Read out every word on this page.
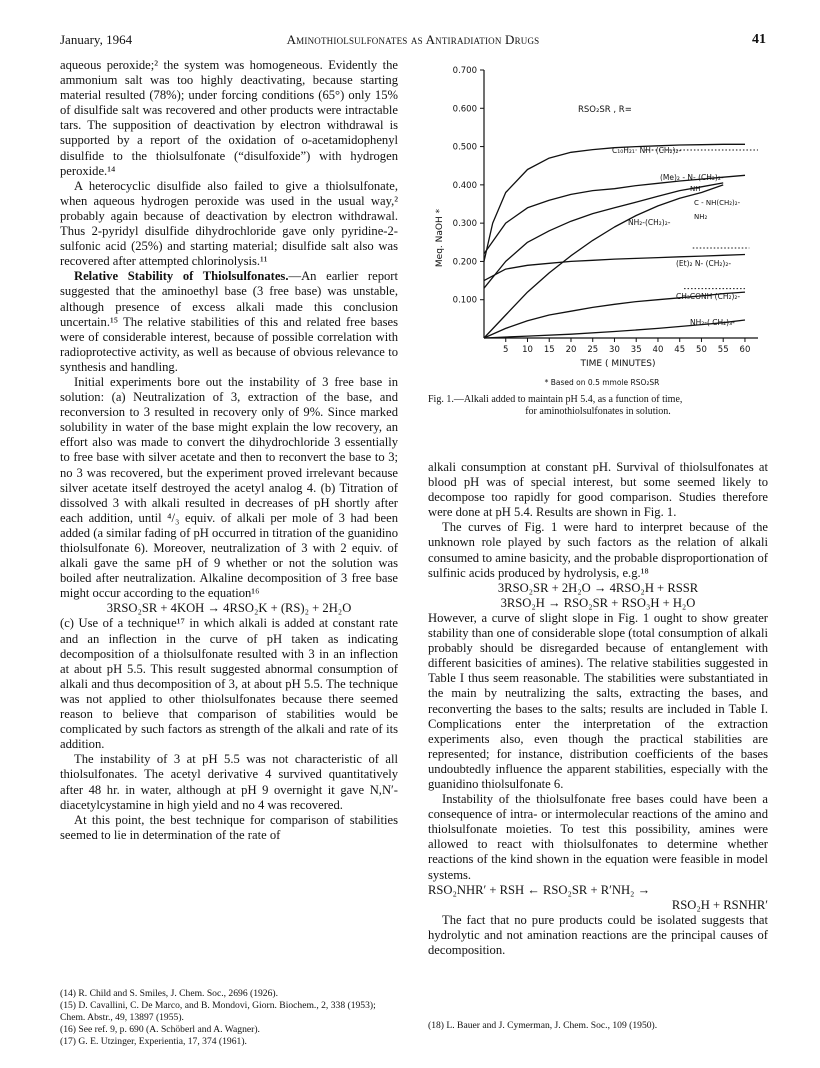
January, 1964	Aminothiolsulfonates as Antiradiation Drugs	41

aqueous peroxide;² the system was homogeneous. Evidently the ammonium salt was too highly deactivating, because starting material resulted (78%); under forcing conditions (65°) only 15% of disulfide salt was recovered and other products were intractable tars. The supposition of deactivation by electron withdrawal is supported by a report of the oxidation of o-acetamidophenyl disulfide to the thiolsulfonate (“disulfoxide”) with hydrogen peroxide.¹⁴

A heterocyclic disulfide also failed to give a thiolsulfonate, when aqueous hydrogen peroxide was used in the usual way,² probably again because of deactivation by electron withdrawal. Thus 2-pyridyl disulfide dihydrochloride gave only pyridine-2-sulfonic acid (25%) and starting material; disulfide salt also was recovered after attempted chlorinolysis.¹¹

Relative Stability of Thiolsulfonates.—An earlier report suggested that the aminoethyl base (3 free base) was unstable, although presence of excess alkali made this conclusion uncertain.¹⁵ The relative stabilities of this and related free bases were of considerable interest, because of possible correlation with radioprotective activity, as well as because of obvious relevance to synthesis and handling.

Initial experiments bore out the instability of 3 free base in solution: (a) Neutralization of 3, extraction of the base, and reconversion to 3 resulted in recovery only of 9%. Since marked solubility in water of the base might explain the low recovery, an effort also was made to convert the dihydrochloride 3 essentially to free base with silver acetate and then to reconvert the base to 3; no 3 was recovered, but the experiment proved irrelevant because silver acetate itself destroyed the acetyl analog 4. (b) Titration of dissolved 3 with alkali resulted in decreases of pH shortly after each addition, until ⁴/₃ equiv. of alkali per mole of 3 had been added (a similar fading of pH occurred in titration of the guanidino thiolsulfonate 6). Moreover, neutralization of 3 with 2 equiv. of alkali gave the same pH of 9 whether or not the solution was boiled after neutralization. Alkaline decomposition of 3 free base might occur according to the equation¹⁶

3RSO₂SR + 4KOH → 4RSO₂K + (RS)₂ + 2H₂O

(c) Use of a technique¹⁷ in which alkali is added at constant rate and an inflection in the curve of pH taken as indicating decomposition of a thiolsulfonate resulted with 3 in an inflection at about pH 5.5. This result suggested abnormal consumption of alkali and thus decomposition of 3, at about pH 5.5. The technique was not applied to other thiolsulfonates because there seemed reason to believe that comparison of stabilities would be complicated by such factors as strength of the alkali and rate of its addition.

The instability of 3 at pH 5.5 was not characteristic of all thiolsulfonates. The acetyl derivative 4 survived quantitatively after 48 hr. in water, although at pH 9 overnight it gave N,N′-diacetylcystamine in high yield and no 4 was recovered.

At this point, the best technique for comparison of stabilities seemed to lie in determination of the rate of

(14) R. Child and S. Smiles, J. Chem. Soc., 2696 (1926).
(15) D. Cavallini, C. De Marco, and B. Mondovi, Giorn. Biochem., 2, 338 (1953); Chem. Abstr., 49, 13897 (1955).
(16) See ref. 9, p. 690 (A. Schöberl and A. Wagner).
(17) G. E. Utzinger, Experientia, 17, 374 (1961).
0.700
0.600
0.500
0.400
0.300
0.200
0.100
5 10 15 20 25 30 35 40 45 50 55 60
Meq. NaOH *
TIME ( MINUTES)
RSO₂SR , R=
C₁₀H₂₁· NH· (CH₂)₂-
(Me)₂ - N- (CH₂)₂-
NH
C - NH(CH₂)₂-
NH₂
NH₂-(CH₂)₂-
(Et)₂ N- (CH₂)₂-
CH₃CONH (CH₂)₂-
NH₂-( CH₂)₃-
* Based on 0.5 mmole RSO₂SR
Fig. 1.—Alkali added to maintain pH 5.4, as a function of time,
for aminothiolsulfonates in solution.

alkali consumption at constant pH. Survival of thiolsulfonates at blood pH was of special interest, but some seemed likely to decompose too rapidly for good comparison. Studies therefore were done at pH 5.4. Results are shown in Fig. 1.

The curves of Fig. 1 were hard to interpret because of the unknown role played by such factors as the relation of alkali consumed to amine basicity, and the probable disproportionation of sulfinic acids produced by hydrolysis, e.g.¹⁸

3RSO₂SR + 2H₂O → 4RSO₂H + RSSR

3RSO₂H → RSO₂SR + RSO₃H + H₂O

However, a curve of slight slope in Fig. 1 ought to show greater stability than one of considerable slope (total consumption of alkali probably should be disregarded because of entanglement with different basicities of amines). The relative stabilities suggested in Table I thus seem reasonable. The stabilities were substantiated in the main by neutralizing the salts, extracting the bases, and reconverting the bases to the salts; results are included in Table I. Complications enter the interpretation of the extraction experiments also, even though the practical stabilities are represented; for instance, distribution coefficients of the bases undoubtedly influence the apparent stabilities, especially with the guanidino thiolsulfonate 6.

Instability of the thiolsulfonate free bases could have been a consequence of intra- or intermolecular reactions of the amino and thiolsulfonate moieties. To test this possibility, amines were allowed to react with thiolsulfonates to determine whether reactions of the kind shown in the equation were feasible in model systems.

RSO₂NHR′ + RSH ← RSO₂SR + R′NH₂ →

RSO₂H + RSNHR′

The fact that no pure products could be isolated suggests that hydrolytic and not amination reactions are the principal causes of decomposition.

(18) L. Bauer and J. Cymerman, J. Chem. Soc., 109 (1950).
